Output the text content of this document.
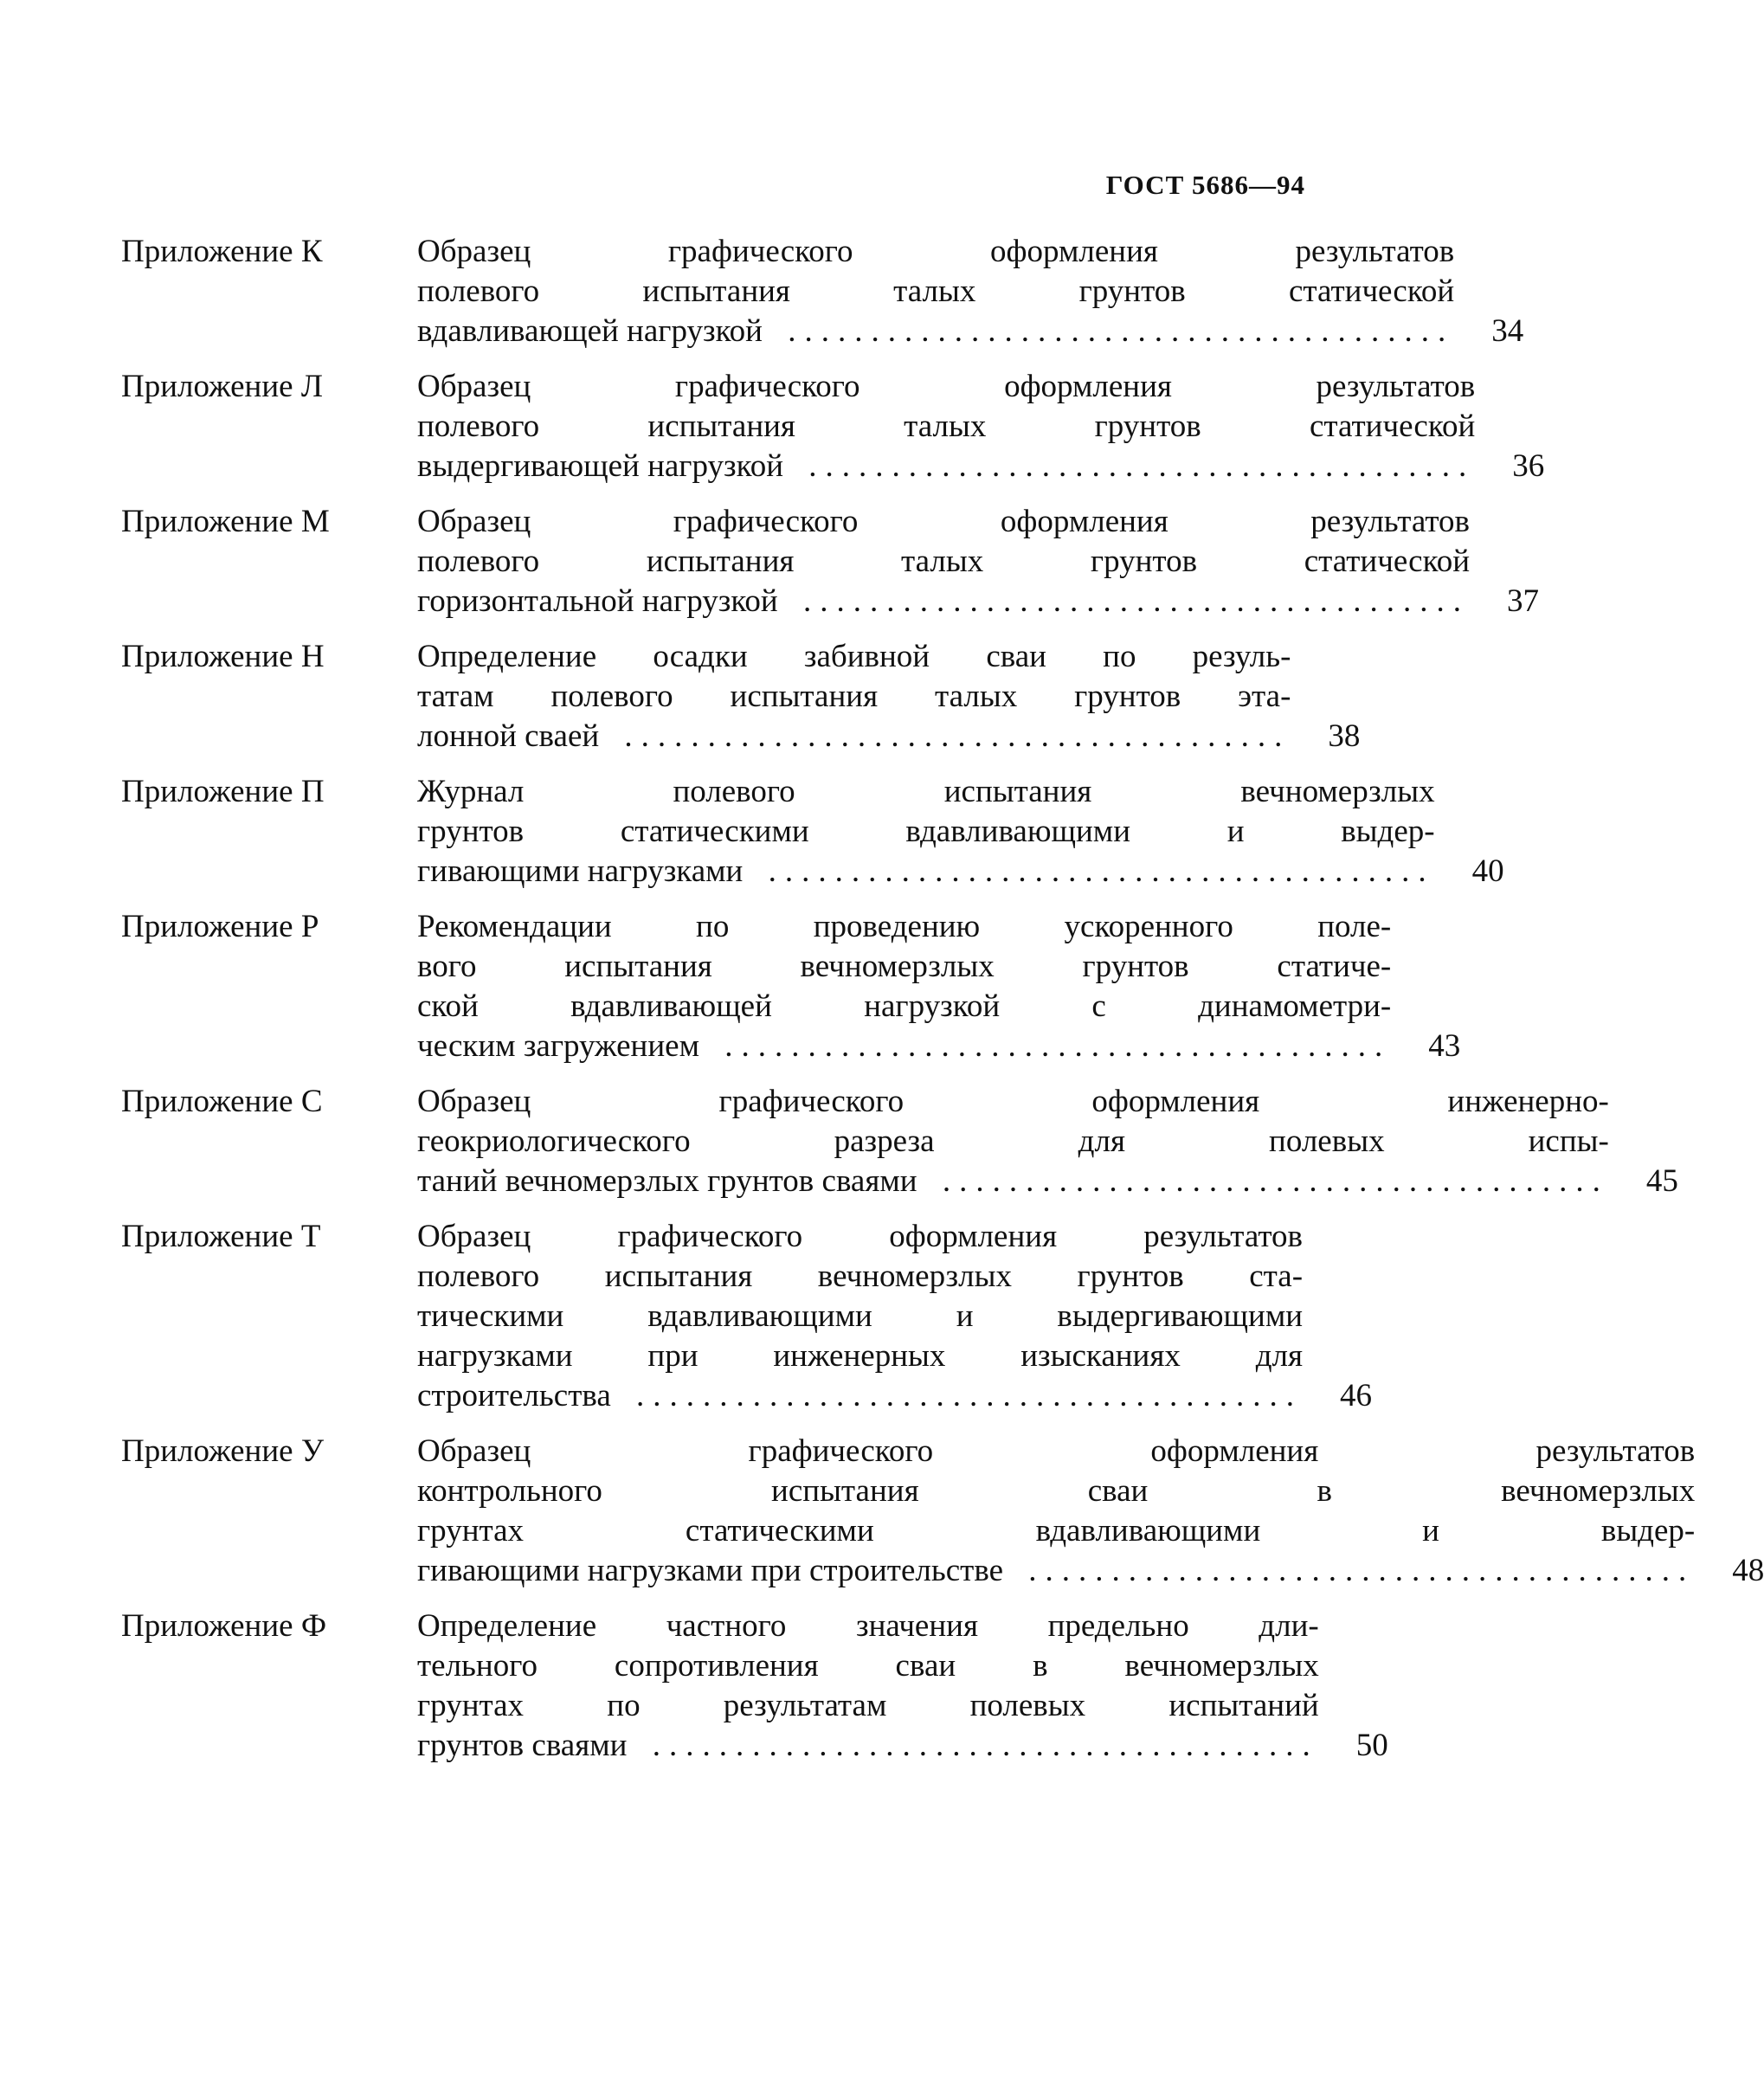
ГОСТ 5686—94
Приложение К	Образец графического оформления результатов
полевого испытания талых грунтов статической
вдавливающей нагрузкой ........................................	34
Приложение Л	Образец графического оформления результатов
полевого испытания талых грунтов статической
выдергивающей нагрузкой ........................................	36
Приложение М	Образец графического оформления результатов
полевого испытания талых грунтов статической
горизонтальной нагрузкой ........................................	37
Приложение Н	Определение осадки забивной сваи по резуль-
татам полевого испытания талых грунтов эта-
лонной сваей ........................................	38
Приложение П	Журнал полевого испытания вечномерзлых
грунтов статическими вдавливающими и выдер-
гивающими нагрузками ........................................	40
Приложение Р	Рекомендации по проведению ускоренного поле-
вого испытания вечномерзлых грунтов статиче-
ской вдавливающей нагрузкой с динамометри-
ческим загружением ........................................	43
Приложение С	Образец графического оформления инженерно-
геокриологического разреза для полевых испы-
таний вечномерзлых грунтов сваями ........................................	45
Приложение Т	Образец графического оформления результатов
полевого испытания вечномерзлых грунтов ста-
тическими вдавливающими и выдергивающими
нагрузками при инженерных изысканиях для
строительства ........................................	46
Приложение У	Образец графического оформления результатов
контрольного испытания сваи в вечномерзлых
грунтах статическими вдавливающими и выдер-
гивающими нагрузками при строительстве ........................................	48
Приложение Ф	Определение частного значения предельно дли-
тельного сопротивления сваи в вечномерзлых
грунтах по результатам полевых испытаний
грунтов сваями ........................................	50
